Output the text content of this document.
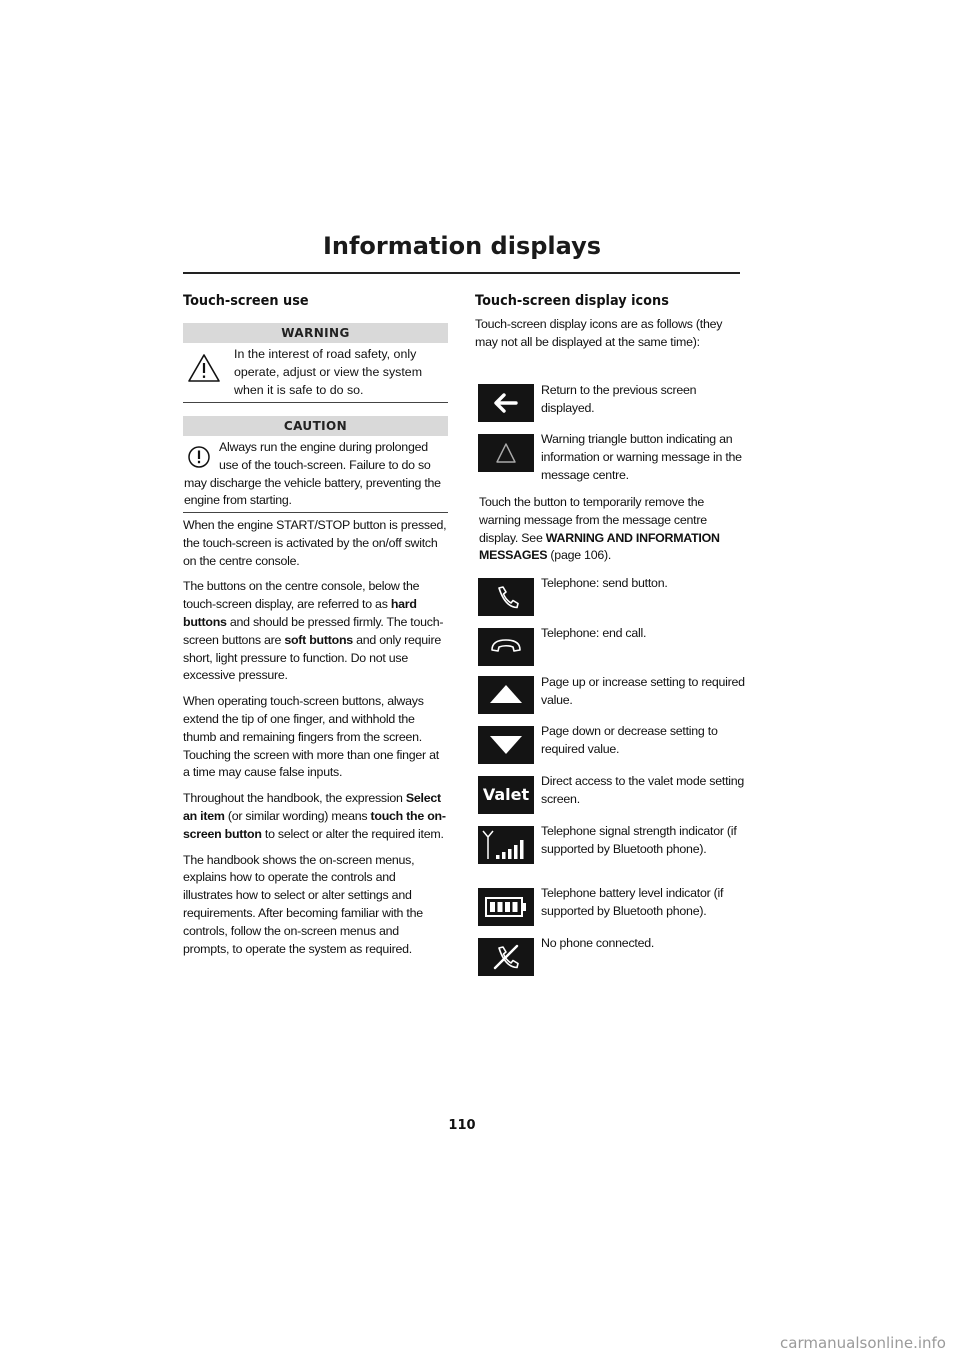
Information displays
Touch-screen use
WARNING
In the interest of road safety, only operate, adjust or view the system when it is safe to do so.
CAUTION
Always run the engine during prolonged
use of the touch-screen. Failure to do so
may discharge the vehicle battery, preventing the engine from starting.

When the engine START/STOP button is pressed, the touch-screen is activated by the on/off switch on the centre console.

The buttons on the centre console, below the touch-screen display, are referred to as hard buttons and should be pressed firmly. The touch-screen buttons are soft buttons and only require short, light pressure to function. Do not use excessive pressure.

When operating touch-screen buttons, always extend the tip of one finger, and withhold the thumb and remaining fingers from the screen. Touching the screen with more than one finger at a time may cause false inputs.

Throughout the handbook, the expression Select an item (or similar wording) means touch the on-screen button to select or alter the required item.

The handbook shows the on-screen menus, explains how to operate the controls and illustrates how to select or alter settings and requirements. After becoming familiar with the controls, follow the on-screen menus and prompts, to operate the system as required.

Touch-screen display icons
Touch-screen display icons are as follows (they may not all be displayed at the same time):
Return to the previous screen displayed.
Warning triangle button indicating an information or warning message in the message centre.
Touch the button to temporarily remove the warning message from the message centre display. See WARNING AND INFORMATION MESSAGES (page 106).
Telephone: send button.
Telephone: end call.
Page up or increase setting to required value.
Page down or decrease setting to required value.
Valet
Direct access to the valet mode setting screen.
Telephone signal strength indicator (if supported by Bluetooth phone).
Telephone battery level indicator (if supported by Bluetooth phone).
No phone connected.
110
carmanualsonline.info
